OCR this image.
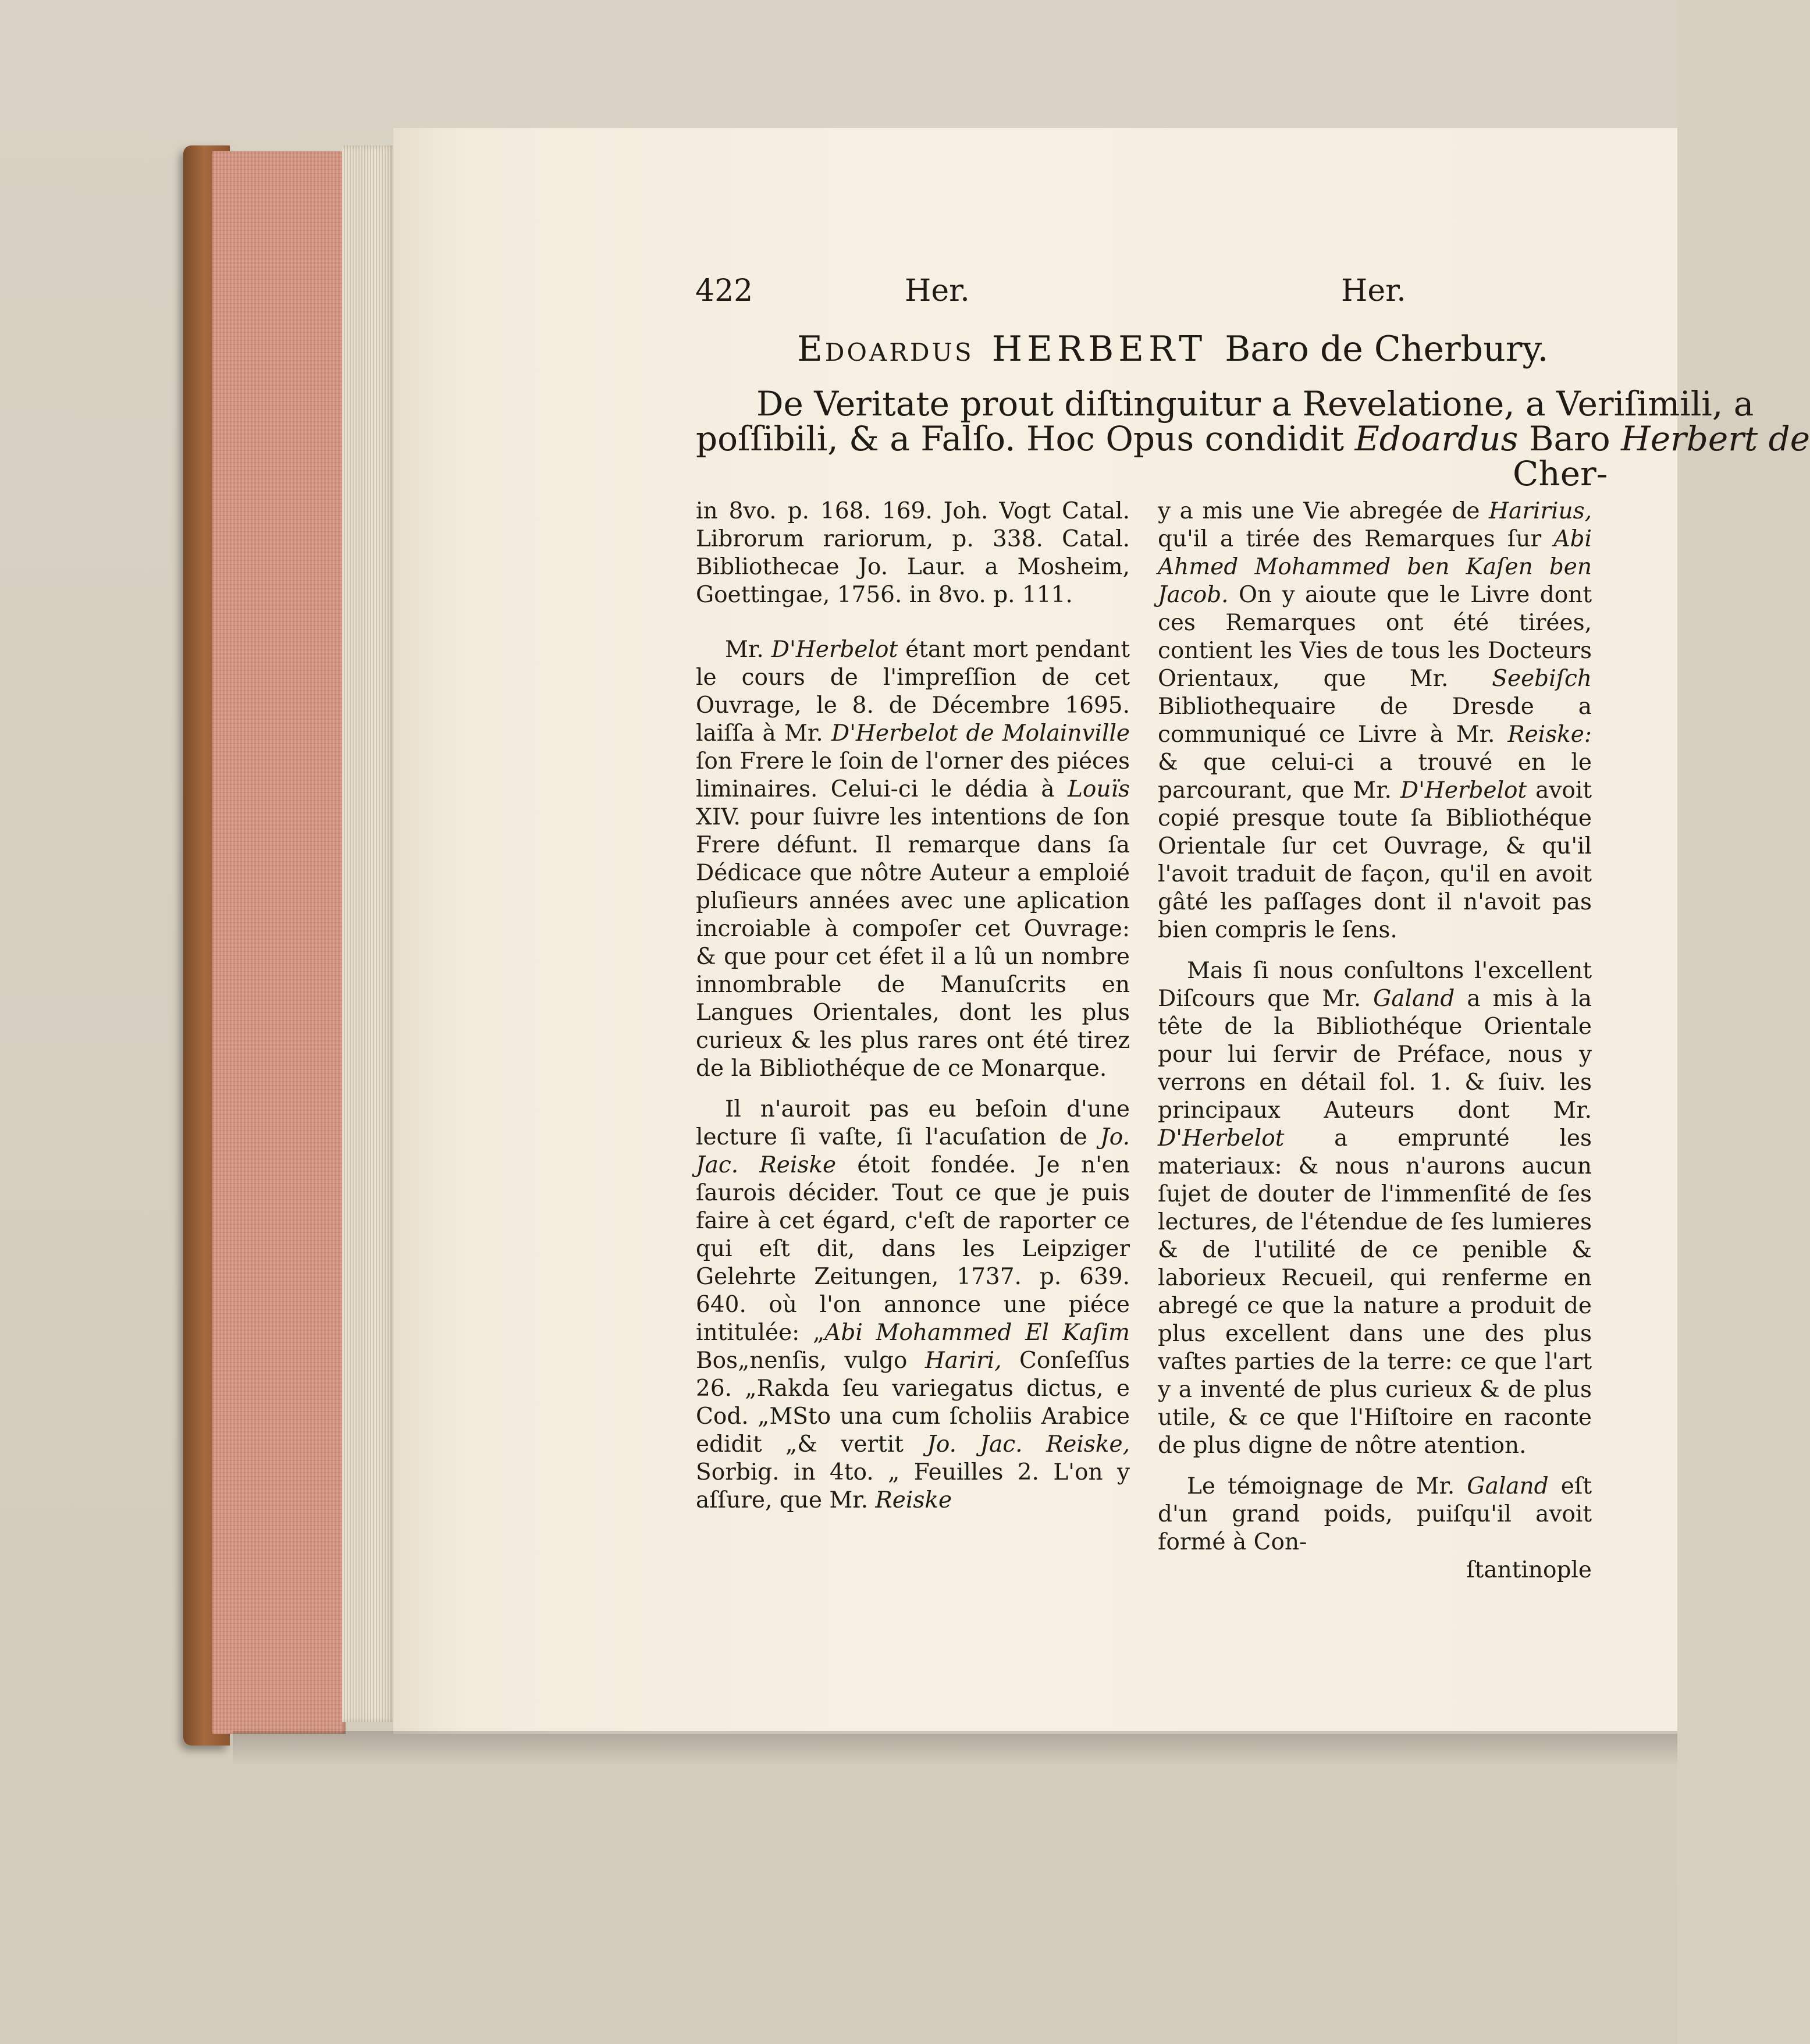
422	Her.	Her.
Edoardus HERBERT Baro de Cherbury.
De Veritate prout diſtinguitur a Revelatione, a Veriſimili, a
poſſibili, & a Falſo. Hoc Opus condidit Edoardus Baro Herbert de
Cher-

in 8vo. p. 168. 169. Joh. Vogt Catal. Librorum rariorum, p. 338. Catal. Bibliothecae Jo. Laur. a Mosheim, Goettingae, 1756. in 8vo. p. 111.

Mr. D'Herbelot étant mort pendant le cours de l'impreſſion de cet Ouvrage, le 8. de Décembre 1695. laiſſa à Mr. D'Herbelot de Molainville ſon Frere le ſoin de l'orner des piéces liminaires. Celui-ci le dédia à Louïs XIV. pour ſuivre les intentions de ſon Frere défunt. Il remarque dans ſa Dédicace que nôtre Auteur a emploié pluſieurs années avec une aplication incroiable à compoſer cet Ouvrage: & que pour cet éfet il a lû un nombre innombrable de Manuſcrits en Langues Orientales, dont les plus curieux & les plus rares ont été tirez de la Bibliothéque de ce Monarque.

Il n'auroit pas eu beſoin d'une lecture ſi vaſte, ſi l'acuſation de Jo. Jac. Reiske étoit fondée. Je n'en ſaurois décider. Tout ce que je puis faire à cet égard, c'eſt de raporter ce qui eſt dit, dans les Leipziger Gelehrte Zeitungen, 1737. p. 639. 640. où l'on annonce une piéce intitulée: „Abi Mohammed El Kaſim Bos„nenſis, vulgo Hariri, Conſeſſus 26. „Rakda ſeu variegatus dictus, e Cod. „MSto una cum ſcholiis Arabice edidit „& vertit Jo. Jac. Reiske, Sorbig. in 4to. „ Feuilles 2. L'on y aſſure, que Mr. Reiske

y a mis une Vie abregée de Haririus, qu'il a tirée des Remarques ſur Abi Ahmed Mohammed ben Kaſen ben Jacob. On y aioute que le Livre dont ces Remarques ont été tirées, contient les Vies de tous les Docteurs Orientaux, que Mr. Seebiſch Bibliothequaire de Dresde a communiqué ce Livre à Mr. Reiske: & que celui-ci a trouvé en le parcourant, que Mr. D'Herbelot avoit copié presque toute ſa Bibliothéque Orientale ſur cet Ouvrage, & qu'il l'avoit traduit de façon, qu'il en avoit gâté les paſſages dont il n'avoit pas bien compris le ſens.

Mais ſi nous conſultons l'excellent Diſcours que Mr. Galand a mis à la tête de la Bibliothéque Orientale pour lui ſervir de Préface, nous y verrons en détail fol. 1. & ſuiv. les principaux Auteurs dont Mr. D'Herbelot a emprunté les materiaux: & nous n'aurons aucun ſujet de douter de l'immenſité de ſes lectures, de l'étendue de ſes lumieres & de l'utilité de ce penible & laborieux Recueil, qui renferme en abregé ce que la nature a produit de plus excellent dans une des plus vaſtes parties de la terre: ce que l'art y a inventé de plus curieux & de plus utile, & ce que l'Hiſtoire en raconte de plus digne de nôtre atention.

Le témoignage de Mr. Galand eſt d'un grand poids, puiſqu'il avoit formé à Con-

ſtantinople
